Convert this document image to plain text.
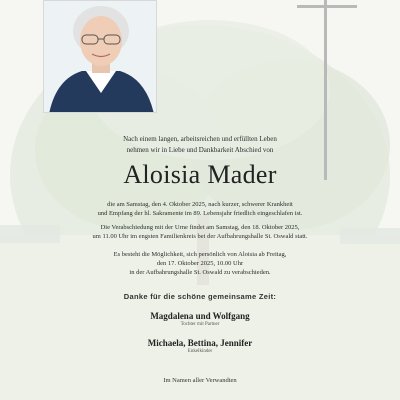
Nach einem langen, arbeitsreichen und erfüllten Leben
nehmen wir in Liebe und Dankbarkeit Abschied von
Aloisia Mader
die am Samstag, den 4. Oktober 2025, nach kurzer, schwerer Krankheit
und Empfang der hl. Sakramente im 89. Lebensjahr friedlich eingeschlafen ist.
Die Verabschiedung mit der Urne findet am Samstag, den 18. Oktober 2025,
um 11.00 Uhr im engsten Familienkreis bei der Aufbahrungshalle St. Oswald statt.
Es besteht die Möglichkeit, sich persönlich von Aloisia ab Freitag,
den 17. Oktober 2025, 10.00 Uhr
in der Aufbahrungshalle St. Oswald zu verabschieden.
Danke für die schöne gemeinsame Zeit:
Magdalena und Wolfgang
Tochter mit Partner
Michaela, Bettina, Jennifer
Enkelkinder
Im Namen aller Verwandten
